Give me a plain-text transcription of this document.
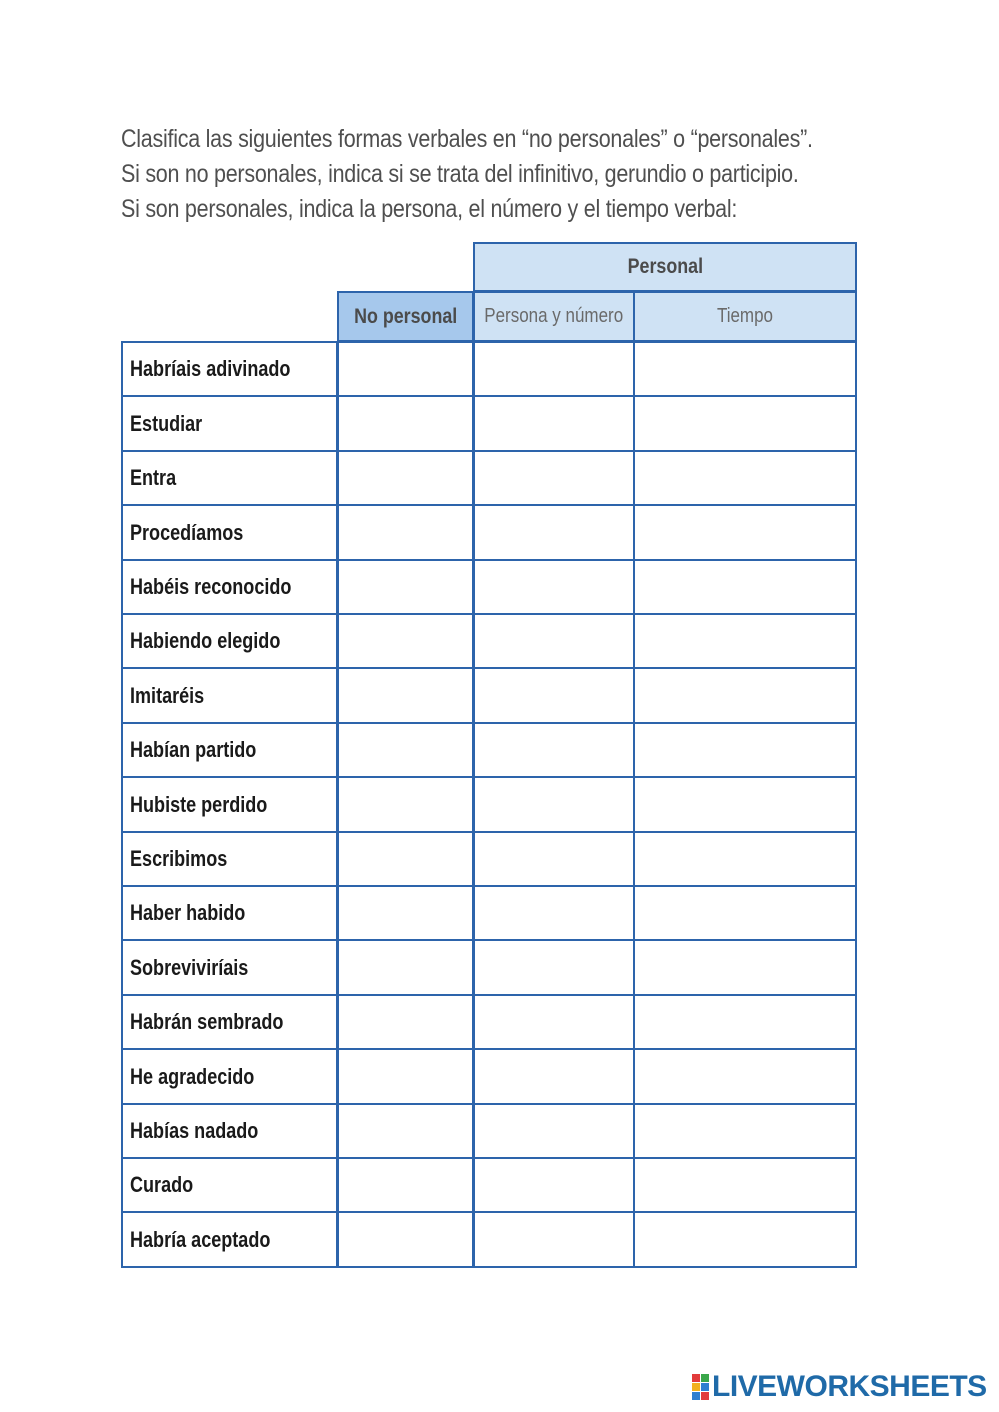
Clasifica las siguientes formas verbales en “no personales” o “personales”.
Si son no personales, indica si se trata del infinitivo, gerundio o participio.
Si son personales, indica la persona, el número y el tiempo verbal:
Personal
No personal Persona y número	Tiempo
Habríais adivinado
Estudiar
Entra
Procedíamos
Habéis reconocido
Habiendo elegido
Imitaréis
Habían partido
Hubiste perdido
Escribimos
Haber habido
Sobreviviríais
Habrán sembrado
He agradecido
Habías nadado
Curado
Habría aceptado
LIVEWORKSHEETS
